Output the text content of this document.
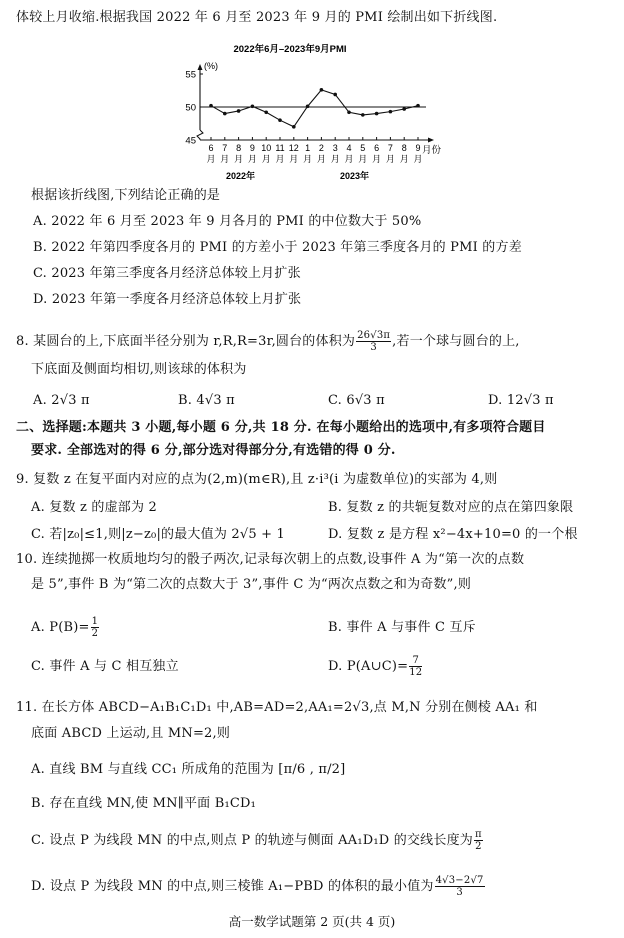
体较上月收缩.根据我国 2022 年 6 月至 2023 年 9 月的 PMI 绘制出如下折线图.
2022年6月–2023年9月PMI
(%)
55
50
45
6
月
7
月
8
月
9
月
10
月
11
月
12
月
1
月
2
月
3
月
4
月
5
月
6
月
7
月
8
月
9
月
月份
2022年	2023年
根据该折线图,下列结论正确的是
A. 2022 年 6 月至 2023 年 9 月各月的 PMI 的中位数大于 50%
B. 2022 年第四季度各月的 PMI 的方差小于 2023 年第三季度各月的 PMI 的方差
C. 2023 年第三季度各月经济总体较上月扩张
D. 2023 年第一季度各月经济总体较上月扩张
8. 某圆台的上,下底面半径分别为 r,R,R=3r,圆台的体积为 $\frac{26√3\pi}{3}$ ,若一个球与圆台的上,
下底面及侧面均相切,则该球的体积为
A. 2√3 π	B. 4√3 π	C. 6√3 π	D. 12√3 π
二、选择题:本题共 3 小题,每小题 6 分,共 18 分. 在每小题给出的选项中,有多项符合题目
要求. 全部选对的得 6 分,部分选对得部分分,有选错的得 0 分.
9. 复数 z 在复平面内对应的点为(2,m)(m∈R),且 z·i³(i 为虚数单位)的实部为 4,则
A. 复数 z 的虚部为 2	B. 复数 z 的共轭复数对应的点在第四象限
C. 若|z₀|≤1,则|z−z₀|的最大值为 2√5 + 1	D. 复数 z 是方程 x²−4x+10=0 的一个根
10. 连续抛掷一枚质地均匀的骰子两次,记录每次朝上的点数,设事件 A 为“第一次的点数
是 5”,事件 B 为“第二次的点数大于 3”,事件 C 为“两次点数之和为奇数”,则
A. $P(B)= \frac{1}{2}$	B. 事件 A 与事件 C 互斥
C. 事件 A 与 C 相互独立	D. P(A∪C)= $\frac{7}{12}$
11. 在长方体 ABCD−A₁B₁C₁D₁ 中,AB=AD=2,AA₁=2√3,点 M,N 分别在侧棱 AA₁ 和
底面 ABCD 上运动,且 MN=2,则
A. 直线 BM 与直线 CC₁ 所成角的范围为 [π/6 , π/2]
B. 存在直线 MN,使 MN∥平面 B₁CD₁
C. 设点 P 为线段 MN 的中点,则点 P 的轨迹与侧面 AA₁D₁D 的交线长度为 $\frac{\pi}{2}$
D. 设点 P 为线段 MN 的中点,则三棱锥 A₁−PBD 的体积的最小值为 $\frac{4√3-2√7}{3}$
高一数学试题第 2 页(共 4 页)
